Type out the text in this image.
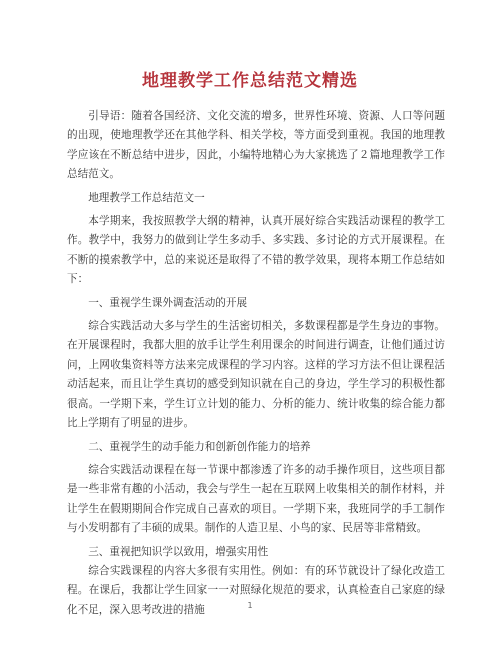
地理教学工作总结范文精选

引导语：随着各国经济、文化交流的增多，世界性环境、资源、人口等问题的出现，使地理教学还在其他学科、相关学校，等方面受到重视。我国的地理教学应该在不断总结中进步，因此，小编特地精心为大家挑选了２篇地理教学工作总结范文。

地理教学工作总结范文一

本学期来，我按照教学大纲的精神，认真开展好综合实践活动课程的教学工作。教学中，我努力的做到让学生多动手、多实践、多讨论的方式开展课程。在不断的摸索教学中，总的来说还是取得了不错的教学效果，现将本期工作总结如下：

一、重视学生课外调查活动的开展

综合实践活动大多与学生的生活密切相关，多数课程都是学生身边的事物。在开展课程时，我都大胆的放手让学生利用课余的时间进行调查，让他们通过访问，上网收集资料等方法来完成课程的学习内容。这样的学习方法不但让课程活动活起来，而且让学生真切的感受到知识就在自己的身边，学生学习的积极性都很高。一学期下来，学生订立计划的能力、分析的能力、统计收集的综合能力都比上学期有了明显的进步。

二、重视学生的动手能力和创新创作能力的培养

综合实践活动课程在每一节课中都渗透了许多的动手操作项目，这些项目都是一些非常有趣的小活动，我会与学生一起在互联网上收集相关的制作材料，并让学生在假期期间合作完成自己喜欢的项目。一学期下来，我班同学的手工制作与小发明都有了丰硕的成果。制作的人造卫星、小鸟的家、民居等非常精致。

三、重视把知识学以致用，增强实用性

综合实践课程的内容大多很有实用性。例如：有的环节就设计了绿化改造工程。在课后，我都让学生回家一一对照绿化规范的要求，认真检查自己家庭的绿化不足，深入思考改进的措施	1
